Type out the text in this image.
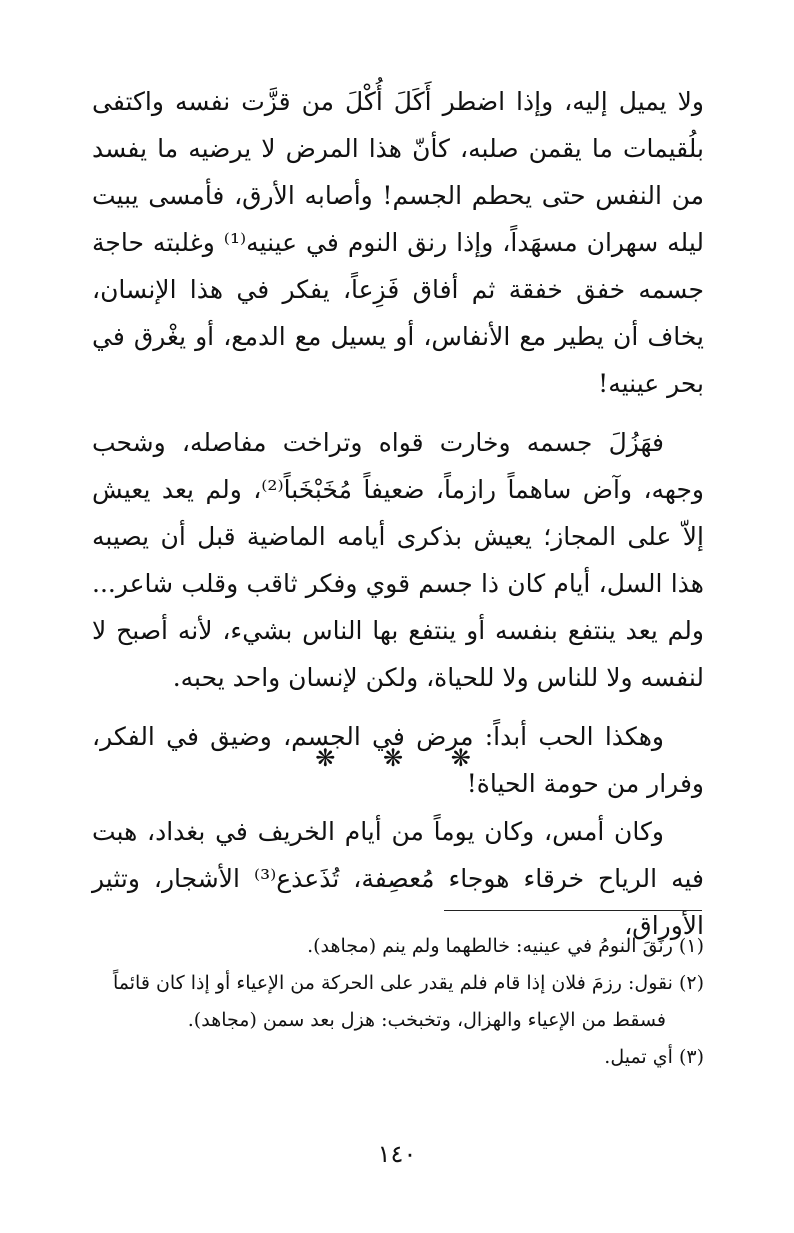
ولا يميل إليه، وإذا اضطر أَكَلَ أُكْلَ من قزَّت نفسه واكتفى بلُقيمات ما يقمن صلبه، كأنّ هذا المرض لا يرضيه ما يفسد من النفس حتى يحطم الجسم! وأصابه الأرق، فأمسى يبيت ليله سهران مسهَداً، وإذا رنق النوم في عينيه⁽¹⁾ وغلبته حاجة جسمه خفق خفقة ثم أفاق فَزِعاً، يفكر في هذا الإنسان، يخاف أن يطير مع الأنفاس، أو يسيل مع الدمع، أو يغْرق في بحر عينيه!

فهَزُلَ جسمه وخارت قواه وتراخت مفاصله، وشحب وجهه، وآض ساهماً رازماً، ضعيفاً مُخَبْخَباً⁽²⁾، ولم يعد يعيش إلاّ على المجاز؛ يعيش بذكرى أيامه الماضية قبل أن يصيبه هذا السل، أيام كان ذا جسم قوي وفكر ثاقب وقلب شاعر... ولم يعد ينتفع بنفسه أو ينتفع بها الناس بشيء، لأنه أصبح لا لنفسه ولا للناس ولا للحياة، ولكن لإنسان واحد يحبه.

وهكذا الحب أبداً: مرض في الجسم، وضيق في الفكر، وفرار من حومة الحياة!

❋ ❋ ❋

وكان أمس، وكان يوماً من أيام الخريف في بغداد، هبت فيه الرياح خرقاء هوجاء مُعصِفة، تُذَعذع⁽³⁾ الأشجار، وتثير الأوراق،

(١) رنَقَ النومُ في عينيه: خالطهما ولم ينم (مجاهد).

(٢) نقول: رزمَ فلان إذا قام فلم يقدر على الحركة من الإعياء أو إذا كان قائماً

فسقط من الإعياء والهزال، وتخبخب: هزل بعد سمن (مجاهد).

(٣) أي تميل.

١٤٠
